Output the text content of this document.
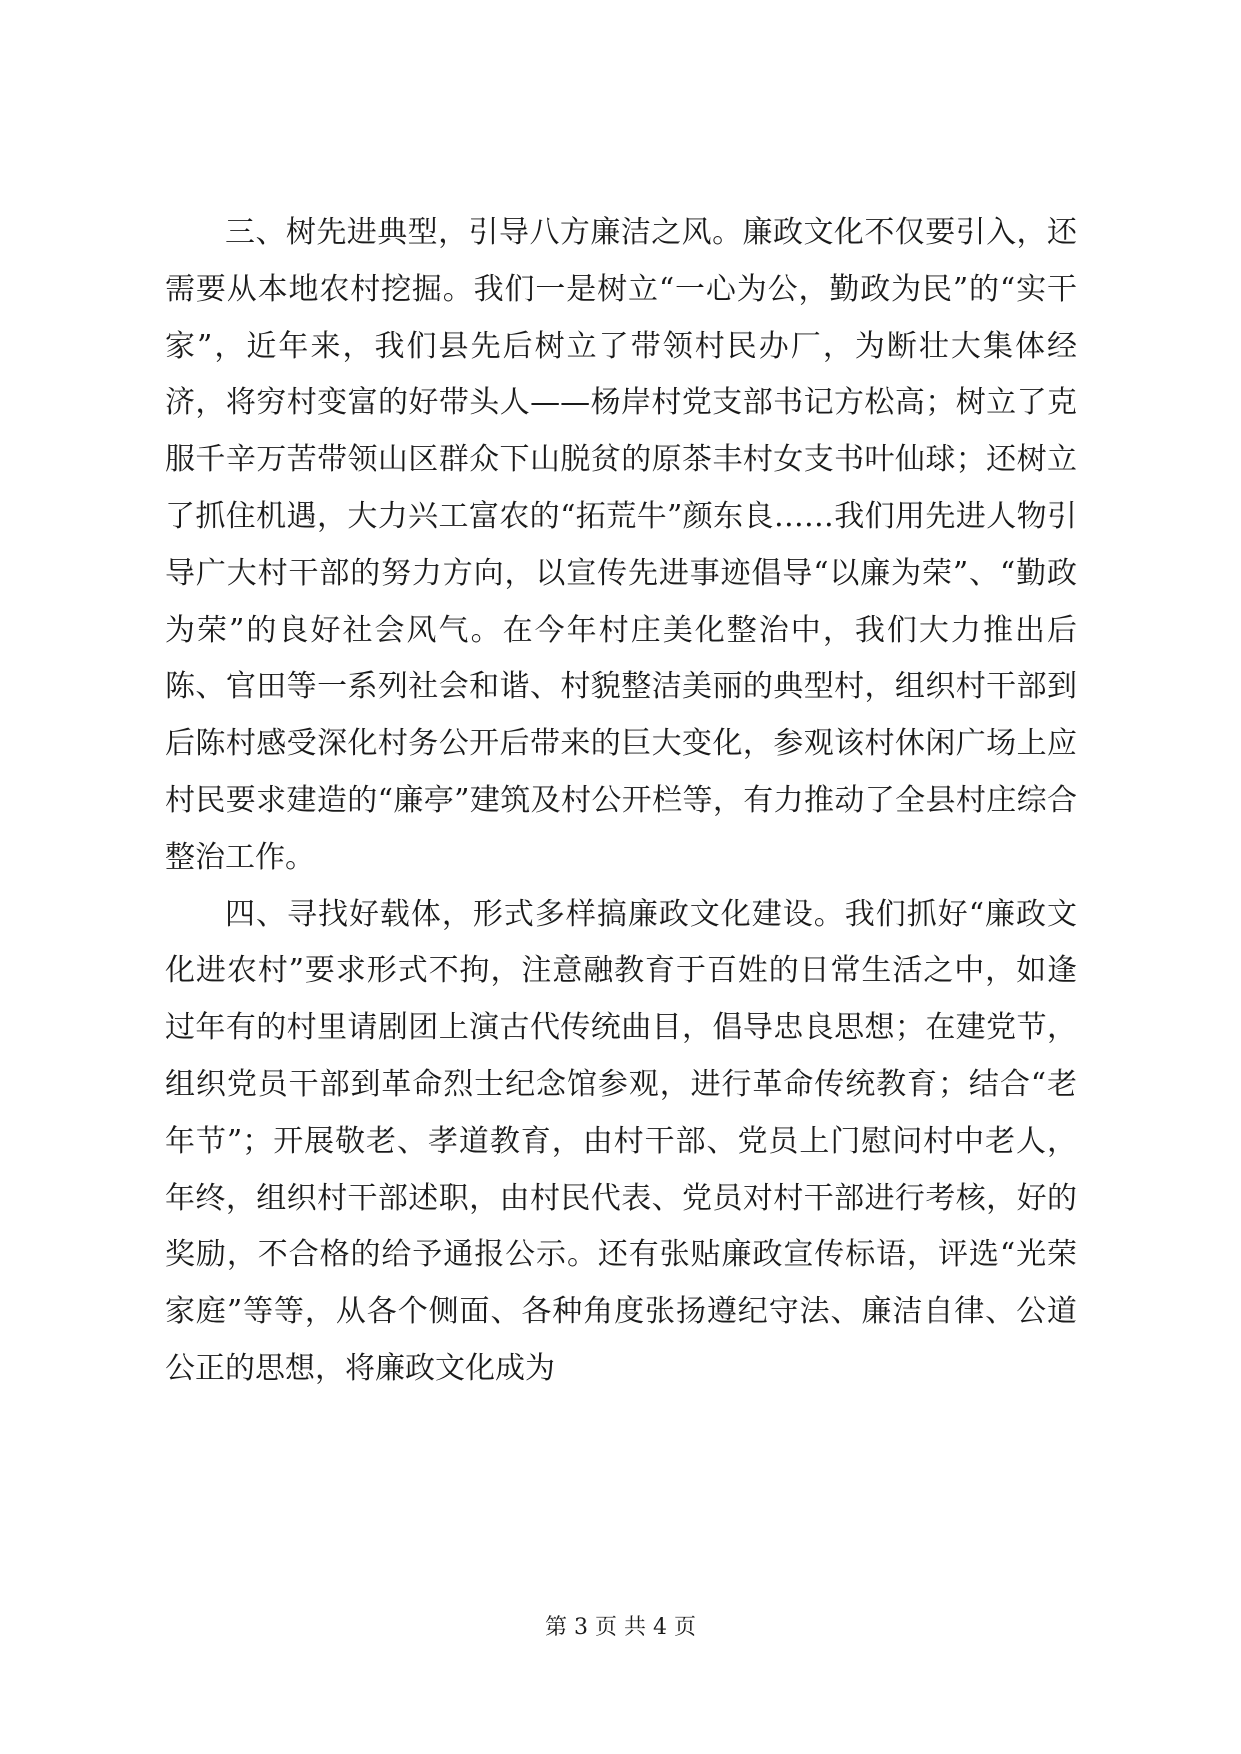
三、树先进典型，引导八方廉洁之风。廉政文化不仅要引入，还需要从本地农村挖掘。我们一是树立“一心为公，勤政为民”的“实干家”，近年来，我们县先后树立了带领村民办厂，为断壮大集体经济，将穷村变富的好带头人——杨岸村党支部书记方松高；树立了克服千辛万苦带领山区群众下山脱贫的原茶丰村女支书叶仙球；还树立了抓住机遇，大力兴工富农的“拓荒牛”颜东良……我们用先进人物引导广大村干部的努力方向，以宣传先进事迹倡导“以廉为荣”、“勤政为荣”的良好社会风气。在今年村庄美化整治中，我们大力推出后陈、官田等一系列社会和谐、村貌整洁美丽的典型村，组织村干部到后陈村感受深化村务公开后带来的巨大变化，参观该村休闲广场上应村民要求建造的“廉亭”建筑及村公开栏等，有力推动了全县村庄综合整治工作。

四、寻找好载体，形式多样搞廉政文化建设。我们抓好“廉政文化进农村”要求形式不拘，注意融教育于百姓的日常生活之中，如逢过年有的村里请剧团上演古代传统曲目，倡导忠良思想；在建党节，组织党员干部到革命烈士纪念馆参观，进行革命传统教育；结合“老年节”；开展敬老、孝道教育，由村干部、党员上门慰问村中老人，年终，组织村干部述职，由村民代表、党员对村干部进行考核，好的奖励，不合格的给予通报公示。还有张贴廉政宣传标语，评选“光荣家庭”等等，从各个侧面、各种角度张扬遵纪守法、廉洁自律、公道公正的思想，将廉政文化成为

第 3 页 共 4 页
